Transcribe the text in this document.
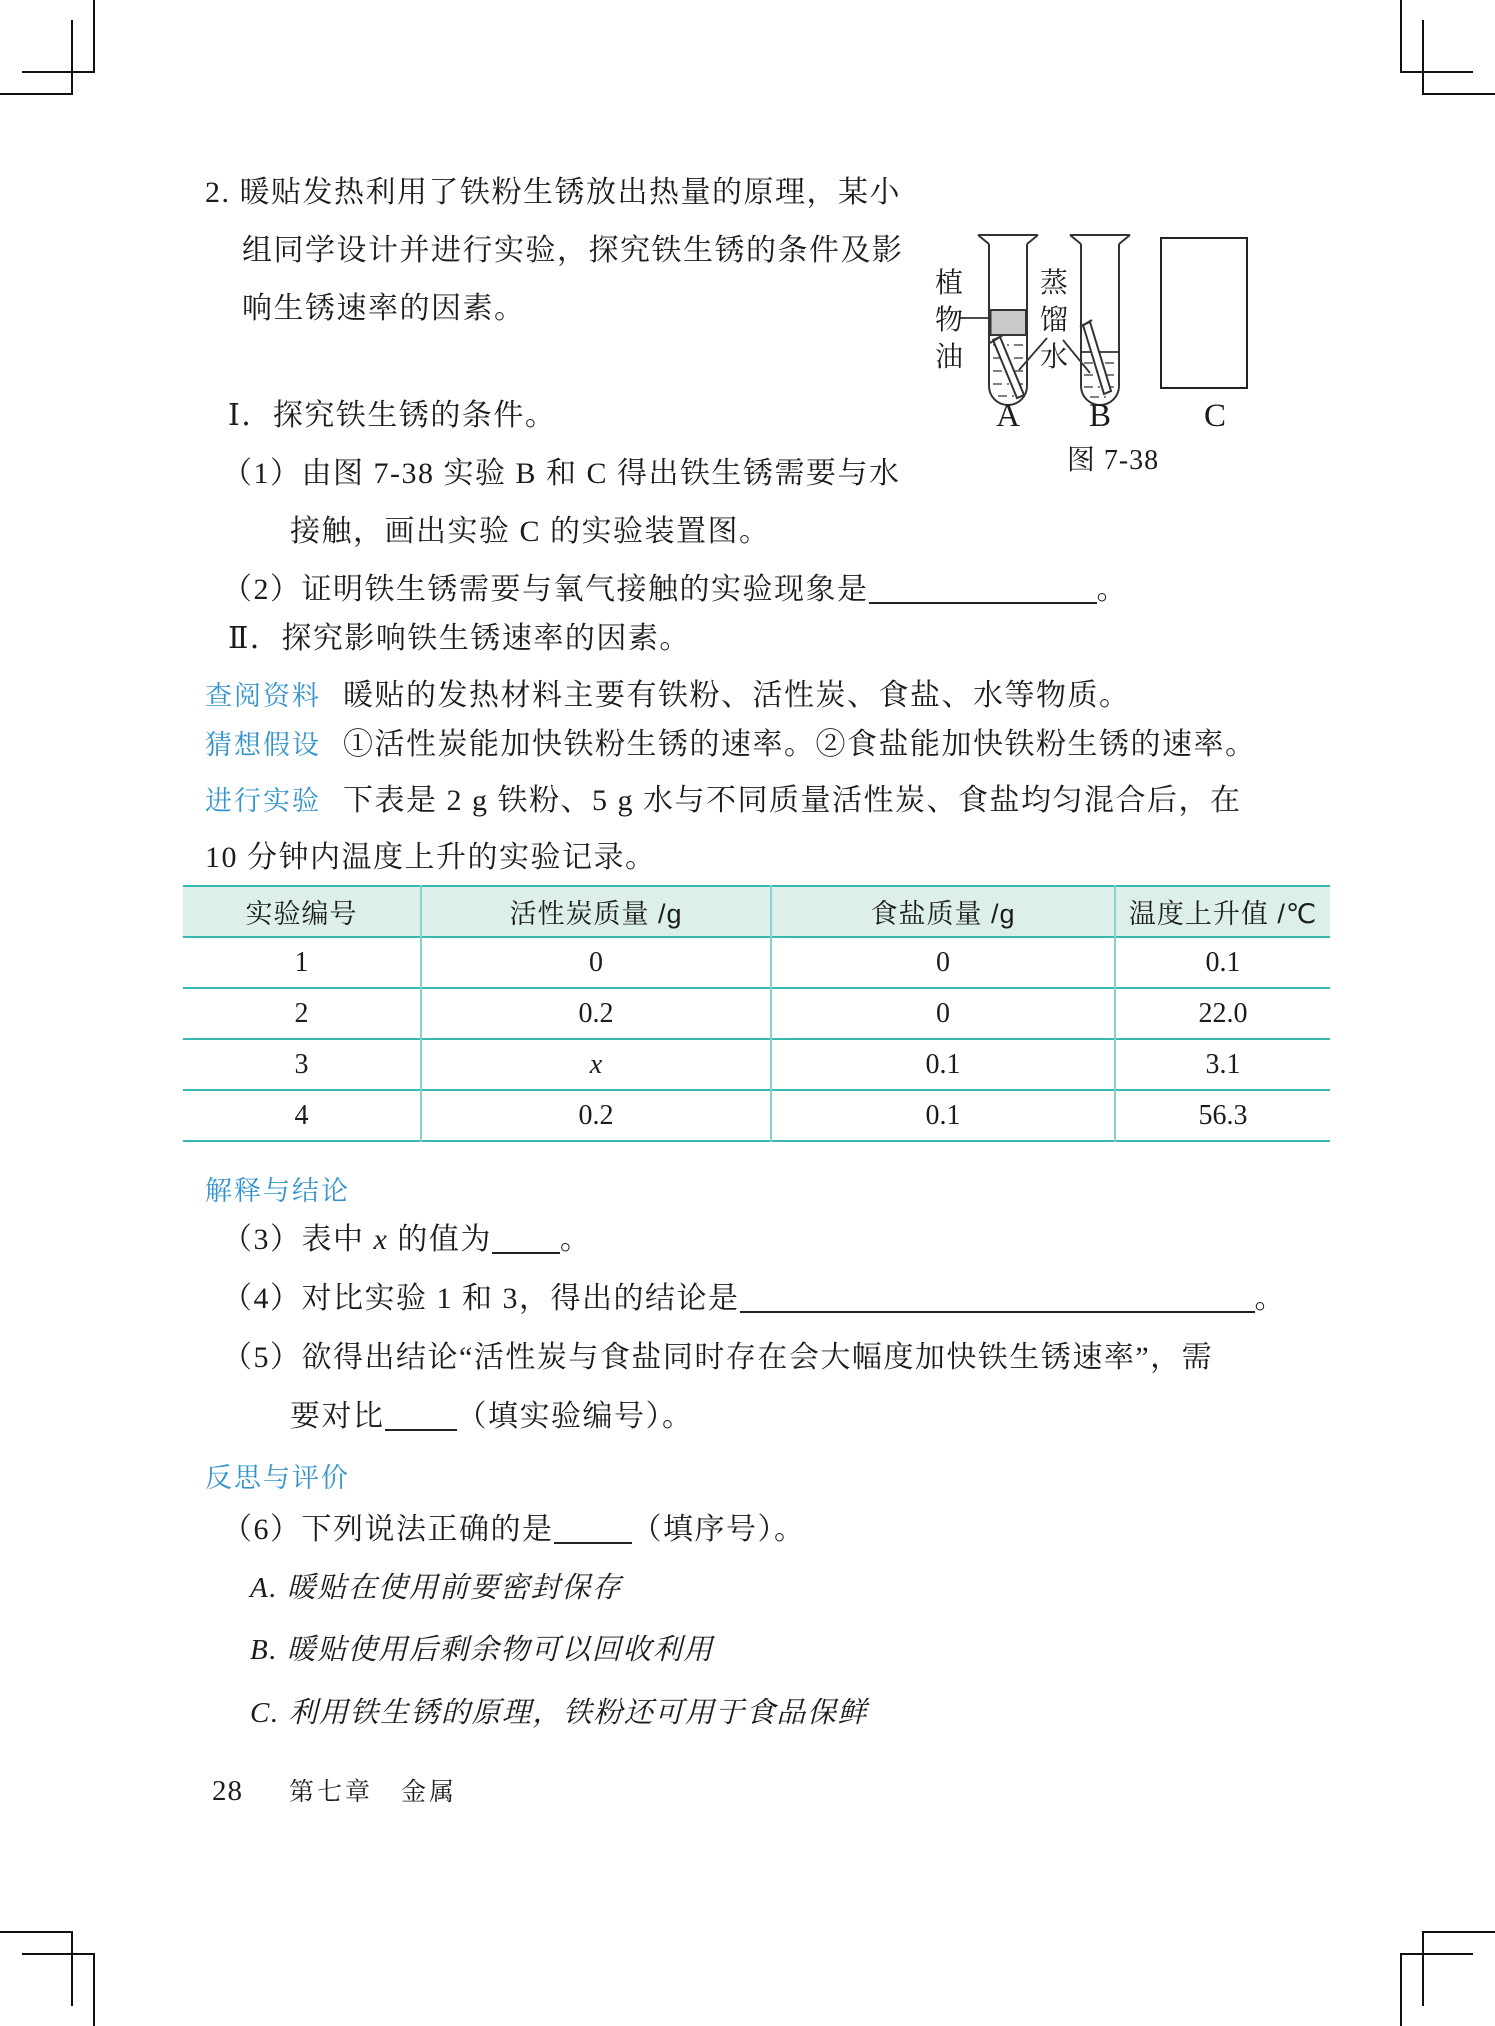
2. 暖贴发热利用了铁粉生锈放出热量的原理，某小
组同学设计并进行实验，探究铁生锈的条件及影
响生锈速率的因素。
植物油
蒸馏水
A B	C
图 7-38
Ⅰ．探究铁生锈的条件。
（1）由图 7-38 实验 B 和 C 得出铁生锈需要与水
接触，画出实验 C 的实验装置图。
（2）证明铁生锈需要与氧气接触的实验现象是	。
Ⅱ．探究影响铁生锈速率的因素。
查阅资料 暖贴的发热材料主要有铁粉、活性炭、食盐、水等物质。
猜想假设 ①活性炭能加快铁粉生锈的速率。②食盐能加快铁粉生锈的速率。
进行实验 下表是 2 g 铁粉、5 g 水与不同质量活性炭、食盐均匀混合后，在
10 分钟内温度上升的实验记录。
实验编号	活性炭质量 /g	食盐质量 /g	温度上升值 /℃
1	0	0	0.1
2	0.2	0	22.0
3	x	0.1	3.1
4	0.2	0.1	56.3
解释与结论
（3）表中 x 的值为 。
（4）对比实验 1 和 3，得出的结论是	。
（5）欲得出结论“活性炭与食盐同时存在会大幅度加快铁生锈速率”，需
要对比 （填实验编号）。
反思与评价
（6）下列说法正确的是	（填序号）。
A. 暖贴在使用前要密封保存
B. 暖贴使用后剩余物可以回收利用
C. 利用铁生锈的原理，铁粉还可用于食品保鲜
28 第七章　金属
